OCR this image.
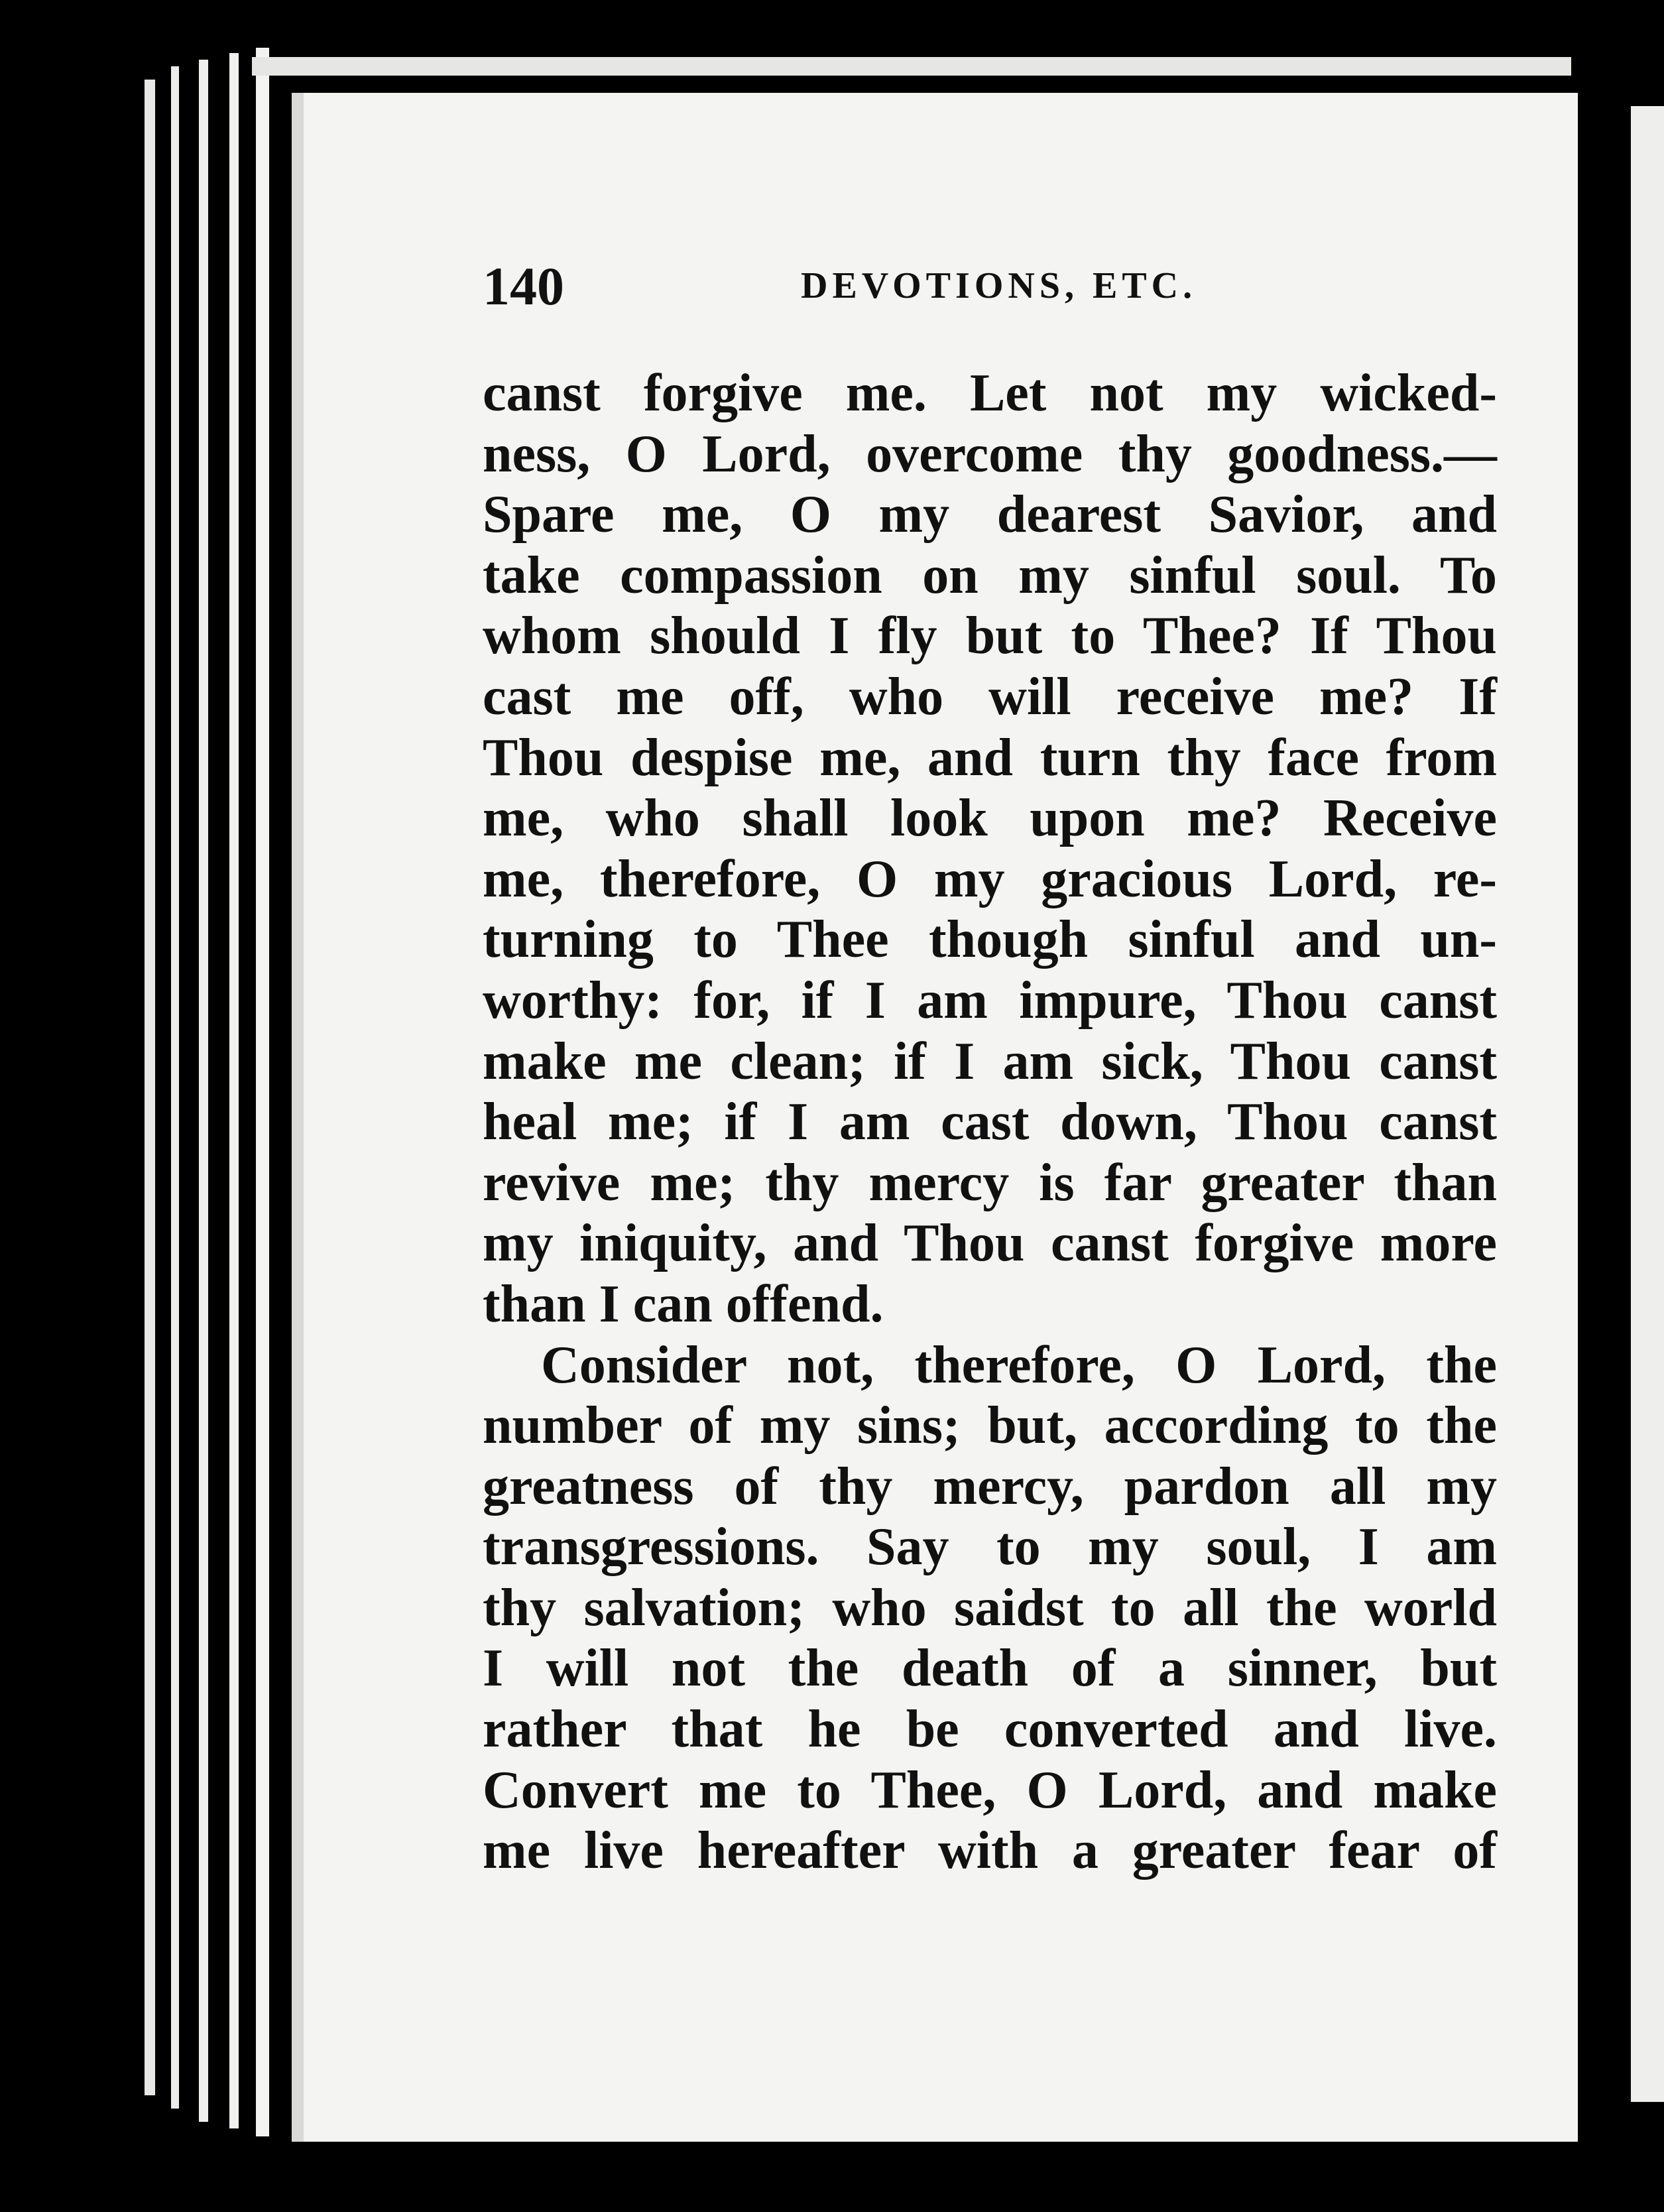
140	DEVOTIONS, ETC.
canst forgive me. Let not my wicked-
ness, O Lord, overcome thy goodness.—
Spare me, O my dearest Savior, and
take compassion on my sinful soul. To
whom should I fly but to Thee? If Thou
cast me off, who will receive me? If
Thou despise me, and turn thy face from
me, who shall look upon me? Receive
me, therefore, O my gracious Lord, re-
turning to Thee though sinful and un-
worthy: for, if I am impure, Thou canst
make me clean; if I am sick, Thou canst
heal me; if I am cast down, Thou canst
revive me; thy mercy is far greater than
my iniquity, and Thou canst forgive more
than I can offend.
Consider not, therefore, O Lord, the
number of my sins; but, according to the
greatness of thy mercy, pardon all my
transgressions. Say to my soul, I am
thy salvation; who saidst to all the world
I will not the death of a sinner, but
rather that he be converted and live.
Convert me to Thee, O Lord, and make
me live hereafter with a greater fear of
